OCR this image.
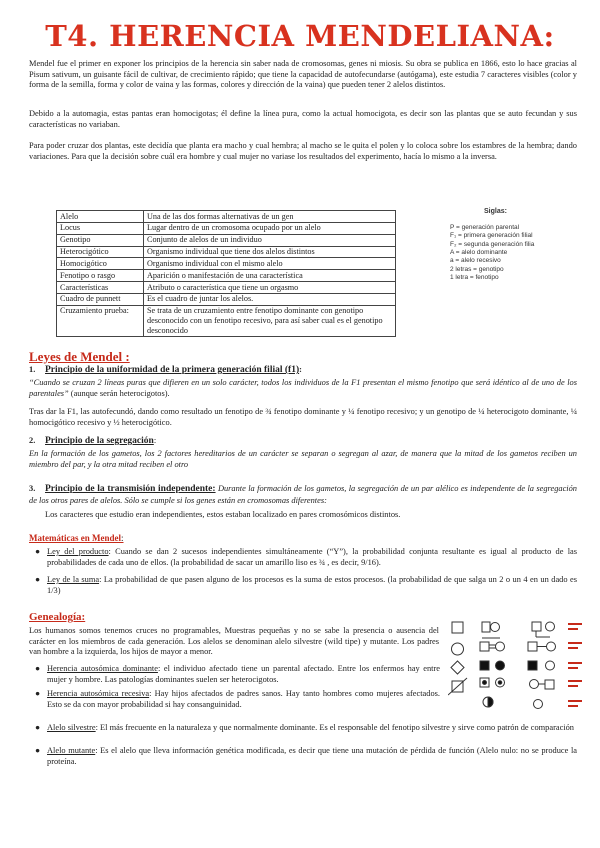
T4. HERENCIA MENDELIANA:

Mendel fue el primer en exponer los principios de la herencia sin saber nada de cromosomas, genes ni miosis. Su obra se publica en 1866, esto lo hace gracias al Pisum sativum, un guisante fácil de cultivar, de crecimiento rápido; que tiene la capacidad de autofecundarse (autógama), este estudia 7 caracteres visibles (color y forma de la semilla, forma y color de vaina y las formas, colores y dirección de la vaina) que pueden tener 2 alelos distintos.

Debido a la automagia, estas pantas eran homocigotas; él define la línea pura, como la actual homocigota, es decir son las plantas que se auto fecundan y sus características no variaban.

Para poder cruzar dos plantas, este decidía que planta era macho y cual hembra; al macho se le quita el polen y lo coloca sobre los estambres de la hembra; dando variaciones. Para que la decisión sobre cuál era hombre y cual mujer no variase los resultados del experimento, hacía lo mismo a la inversa.

Alelo	Una de las dos formas alternativas de un gen
Locus	Lugar dentro de un cromosoma ocupado por un alelo
Genotipo	Conjunto de alelos de un individuo
Heterocigótico	Organismo individual que tiene dos alelos distintos
Homocigótico	Organismo individual con el mismo alelo
Fenotipo o rasgo	Aparición o manifestación de una característica
Características	Atributo o característica que tiene un orgasmo
Cuadro de punnett	Es el cuadro de juntar los alelos.
Cruzamiento prueba:	Se trata de un cruzamiento entre fenotipo dominante con genotipo desconocido con un fenotipo recesivo, para así saber cual es el genotipo desconocido
Siglas:
P = generación parental
F₁ = primera generación filial
F₂ = segunda generación filia
A = alelo dominante
a = alelo recesivo
2 letras = genotipo
1 letra = fenotipo
Leyes de Mendel :
1. Principio de la uniformidad de la primera generación filial (f1):

“Cuando se cruzan 2 líneas puras que difieren en un solo carácter, todos los individuos de la F1 presentan el mismo fenotipo que será idéntico al de uno de los parentales” (aunque serán heterocigotos).

Tras dar la F1, las autofecundó, dando como resultado un fenotipo de ¾ fenotipo dominante y ¼ fenotipo recesivo; y un genotipo de ¼ heterocigoto dominante, ¼ homocigótico recesivo y ½ heterocigótico.

2. Principio de la segregación:

En la formación de los gametos, los 2 factores hereditarios de un carácter se separan o segregan al azar, de manera que la mitad de los gametos reciben un miembro del par, y la otra mitad reciben el otro

3. Principio de la transmisión independente: Durante la formación de los gametos, la segregación de un par alélico es independente de la segregación de los otros pares de alelos. Sólo se cumple si los genes están en cromosomas diferentes:

Los caracteres que estudio eran independientes, estos estaban localizado en pares cromosómicos distintos.

Matemáticas en Mendel:
● Ley del producto: Cuando se dan 2 sucesos independientes simultáneamente (“Y”), la probabilidad conjunta resultante es igual al producto de las probabilidades de cada uno de ellos. (la probabilidad de sacar un amarillo liso es ¾ , es decir, 9/16).

● Ley de la suma: La probabilidad de que pasen alguno de los procesos es la suma de estos procesos. (la probabilidad de que salga un 2 o un 4 en un dado es 1/3)

Genealogía:

Los humanos somos tenemos cruces no programables, Muestras pequeñas y no se sabe la presencia o ausencia del carácter en los miembros de cada generación. Los alelos se denominan alelo silvestre (wild tipe) y mutante. Los padres van hombre a la izquierda, los hijos de mayor a menor.

● Herencia autosómica dominante: el individuo afectado tiene un parental afectado. Entre los enfermos hay entre mujer y hombre. Las patologías dominantes suelen ser heterocigotos.

● Herencia autosómica recesiva: Hay hijos afectados de padres sanos. Hay tanto hombres como mujeres afectados. Esto se da con mayor probabilidad si hay consanguinidad.

● Alelo silvestre: El más frecuente en la naturaleza y que normalmente dominante. Es el responsable del fenotipo silvestre y sirve como patrón de comparación

● Alelo mutante: Es el alelo que lleva información genética modificada, es decir que tiene una mutación de pérdida de función (Alelo nulo: no se produce la proteína.
